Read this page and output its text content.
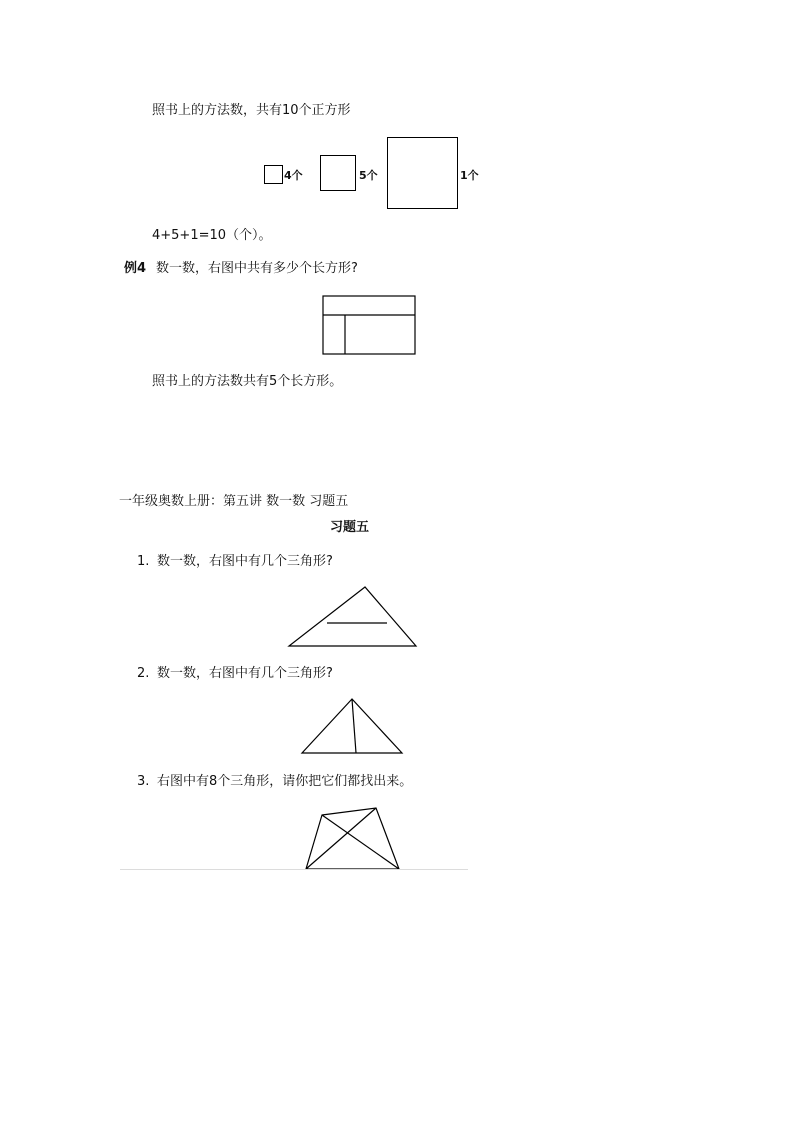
照书上的方法数，共有10个正方形
4个	5个	1个
4+5+1=10（个）。
例4 数一数，右图中共有多少个长方形?
照书上的方法数共有5个长方形。
一年级奥数上册：第五讲 数一数 习题五
习题五
1. 数一数，右图中有几个三角形?
2. 数一数，右图中有几个三角形?
3. 右图中有8个三角形，请你把它们都找出来。
